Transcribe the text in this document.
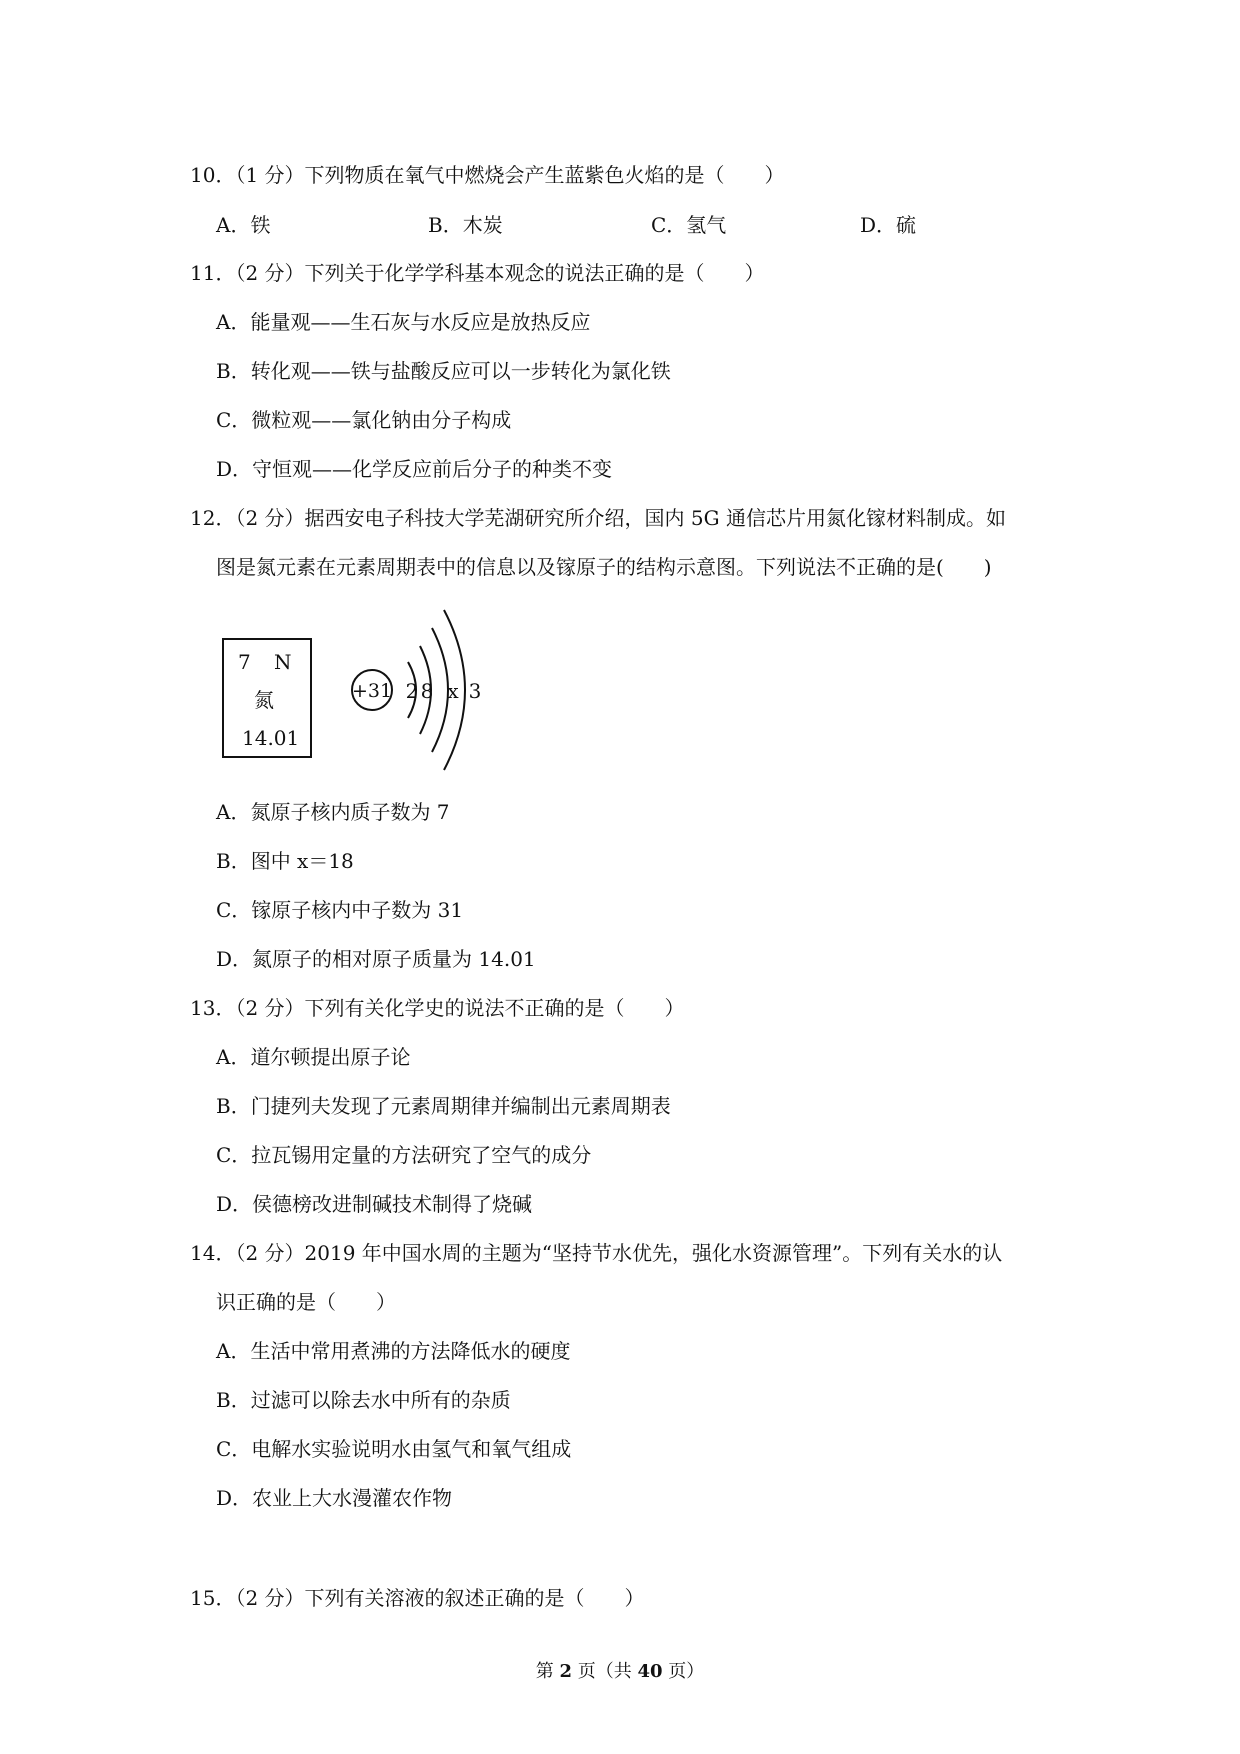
10．（1 分）下列物质在氧气中燃烧会产生蓝紫色火焰的是（　　）
A．铁	B．木炭	C．氢气	D．硫
11．（2 分）下列关于化学学科基本观念的说法正确的是（　　）
A．能量观——生石灰与水反应是放热反应
B．转化观——铁与盐酸反应可以一步转化为氯化铁
C．微粒观——氯化钠由分子构成
D．守恒观——化学反应前后分子的种类不变
12．（2 分）据西安电子科技大学芜湖研究所介绍，国内 5G 通信芯片用氮化镓材料制成。如
图是氮元素在元素周期表中的信息以及镓原子的结构示意图。下列说法不正确的是(　　)
7 N
氮
14.01
+31 2 8 x 3
A．氮原子核内质子数为 7
B．图中 x＝18
C．镓原子核内中子数为 31
D．氮原子的相对原子质量为 14.01
13．（2 分）下列有关化学史的说法不正确的是（　　）
A．道尔顿提出原子论
B．门捷列夫发现了元素周期律并编制出元素周期表
C．拉瓦锡用定量的方法研究了空气的成分
D．侯德榜改进制碱技术制得了烧碱
14．（2 分）2019 年中国水周的主题为“坚持节水优先，强化水资源管理”。下列有关水的认
识正确的是（　　）
A．生活中常用煮沸的方法降低水的硬度
B．过滤可以除去水中所有的杂质
C．电解水实验说明水由氢气和氧气组成
D．农业上大水漫灌农作物
15．（2 分）下列有关溶液的叙述正确的是（　　）
第 2 页（共 40 页）
